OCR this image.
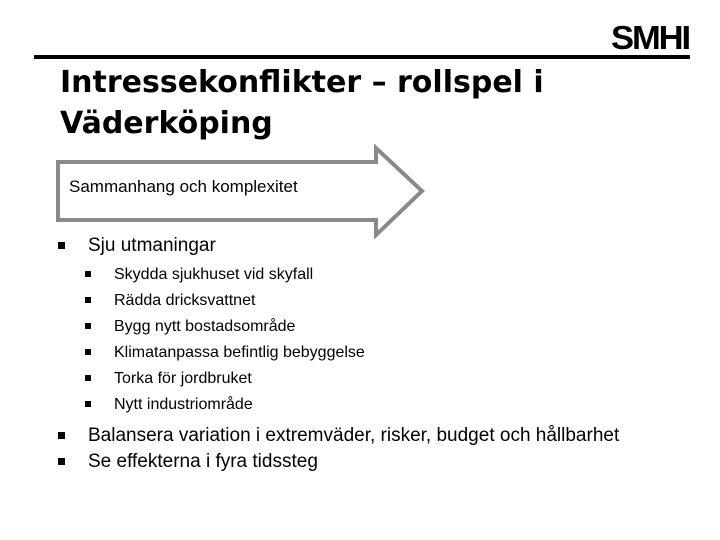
SMHI
Intressekonflikter – rollspel i
Väderköping
Sammanhang och komplexitet
Sju utmaningar
Skydda sjukhuset vid skyfall
Rädda dricksvattnet
Bygg nytt bostadsområde
Klimatanpassa befintlig bebyggelse
Torka för jordbruket
Nytt industriområde
Balansera variation i extremväder, risker, budget och hållbarhet
Se effekterna i fyra tidssteg
